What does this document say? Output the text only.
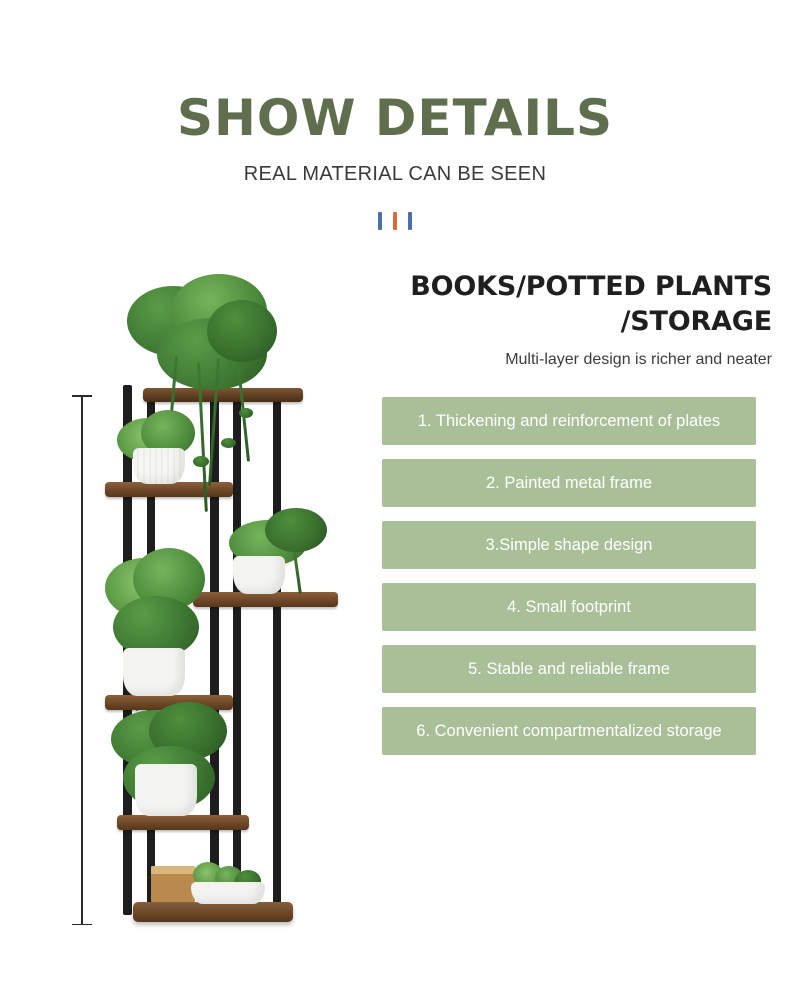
SHOW DETAILS
REAL MATERIAL CAN BE SEEN
BOOKS/POTTED PLANTS /STORAGE
Multi-layer design is richer and neater
1. Thickening and reinforcement of plates
2. Painted metal frame
3.Simple shape design
4. Small footprint
5. Stable and reliable frame
6. Convenient compartmentalized storage
